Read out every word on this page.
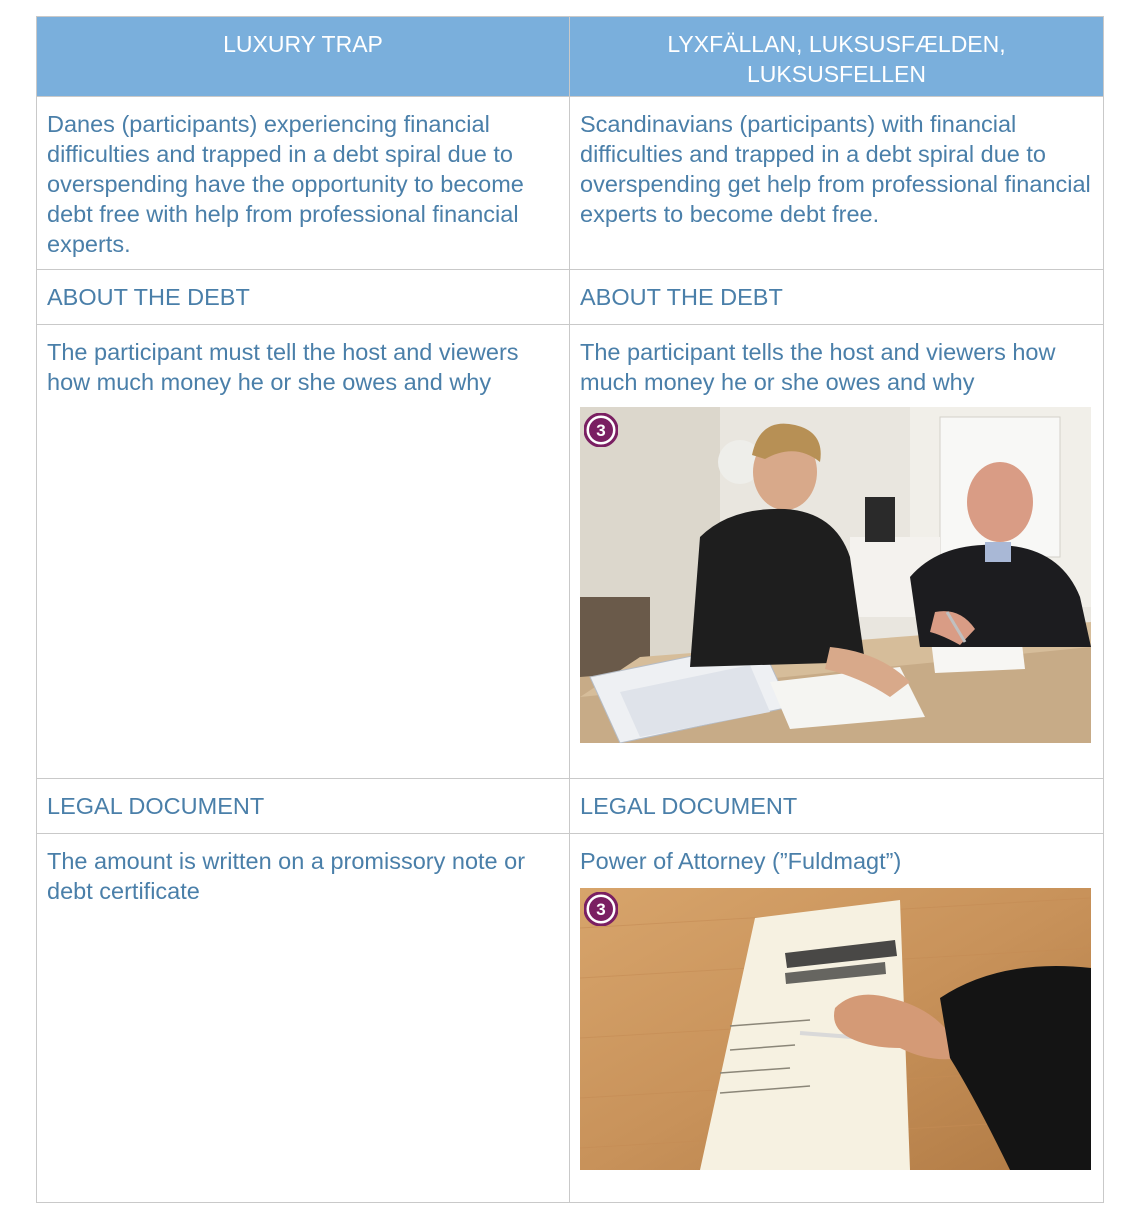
LUXURY TRAP	LYXFÄLLAN, LUKSUSFÆLDEN, LUKSUSFELLEN

Danes (participants) experiencing financial difficulties and trapped in a debt spiral due to overspending have the opportunity to become debt free with help from professional financial experts.	Scandinavians (participants) with financial difficulties and trapped in a debt spiral due to overspending get help from professional financial experts to become debt free.

ABOUT THE DEBT	ABOUT THE DEBT

The participant must tell the host and viewers how much money he or she owes and why	The participant tells the host and viewers how much money he or she owes and why
3

LEGAL DOCUMENT	LEGAL DOCUMENT

The amount is written on a promissory note or debt certificate	Power of Attorney (”Fuldmagt”)
3
